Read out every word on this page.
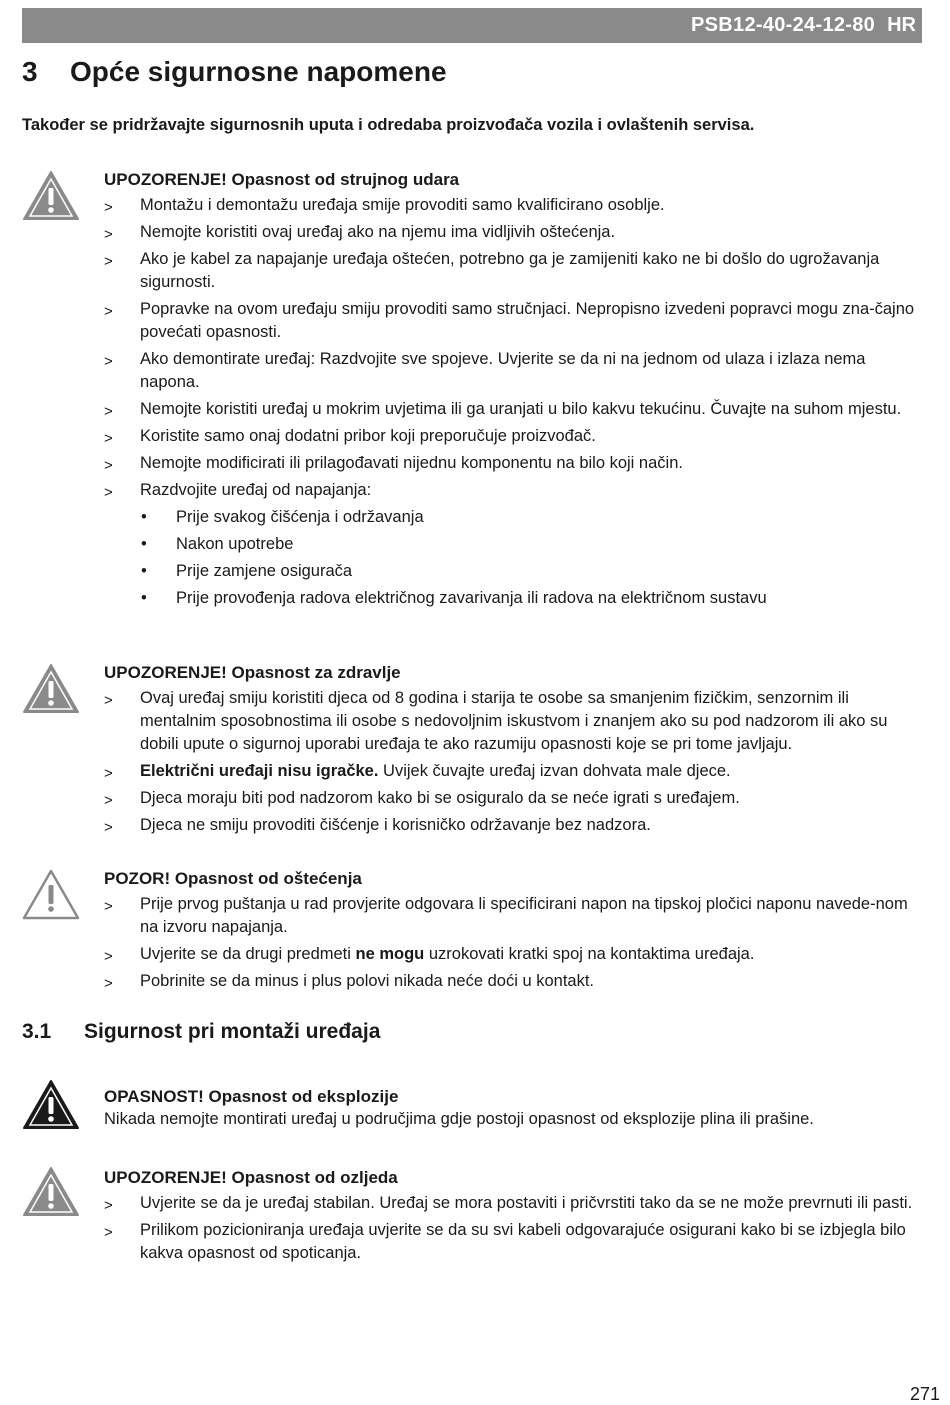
PSB12-40-24-12-80 HR
3 Opće sigurnosne napomene

Također se pridržavajte sigurnosnih uputa i odredaba proizvođača vozila i ovlaštenih servisa.

UPOZORENJE! Opasnost od strujnog udara

> Montažu i demontažu uređaja smije provoditi samo kvalificirano osoblje.
> Nemojte koristiti ovaj uređaj ako na njemu ima vidljivih oštećenja.
> Ako je kabel za napajanje uređaja oštećen, potrebno ga je zamijeniti kako ne bi došlo do ugrožavanja sigurnosti.
> Popravke na ovom uređaju smiju provoditi samo stručnjaci. Nepropisno izvedeni popravci mogu zna-čajno povećati opasnosti.
> Ako demontirate uređaj: Razdvojite sve spojeve. Uvjerite se da ni na jednom od ulaza i izlaza nema napona.
> Nemojte koristiti uređaj u mokrim uvjetima ili ga uranjati u bilo kakvu tekućinu. Čuvajte na suhom mjestu.
> Koristite samo onaj dodatni pribor koji preporučuje proizvođač.
> Nemojte modificirati ili prilagođavati nijednu komponentu na bilo koji način.
> Razdvojite uređaj od napajanja:
• Prije svakog čišćenja i održavanja
• Nakon upotrebe
• Prije zamjene osigurača
• Prije provođenja radova električnog zavarivanja ili radova na električnom sustavu

UPOZORENJE! Opasnost za zdravlje

> Ovaj uređaj smiju koristiti djeca od 8 godina i starija te osobe sa smanjenim fizičkim, senzornim ili mentalnim sposobnostima ili osobe s nedovoljnim iskustvom i znanjem ako su pod nadzorom ili ako su dobili upute o sigurnoj uporabi uređaja te ako razumiju opasnosti koje se pri tome javljaju.
> Električni uređaji nisu igračke. Uvijek čuvajte uređaj izvan dohvata male djece.
> Djeca moraju biti pod nadzorom kako bi se osiguralo da se neće igrati s uređajem.
> Djeca ne smiju provoditi čišćenje i korisničko održavanje bez nadzora.

POZOR! Opasnost od oštećenja

> Prije prvog puštanja u rad provjerite odgovara li specificirani napon na tipskoj pločici naponu navede-nom na izvoru napajanja.
> Uvjerite se da drugi predmeti ne mogu uzrokovati kratki spoj na kontaktima uređaja.
> Pobrinite se da minus i plus polovi nikada neće doći u kontakt.
3.1 Sigurnost pri montaži uređaja

OPASNOST! Opasnost od eksplozije

Nikada nemojte montirati uređaj u područjima gdje postoji opasnost od eksplozije plina ili prašine.

UPOZORENJE! Opasnost od ozljeda

> Uvjerite se da je uređaj stabilan. Uređaj se mora postaviti i pričvrstiti tako da se ne može prevrnuti ili pasti.
> Prilikom pozicioniranja uređaja uvjerite se da su svi kabeli odgovarajuće osigurani kako bi se izbjegla bilo kakva opasnost od spoticanja.
271
